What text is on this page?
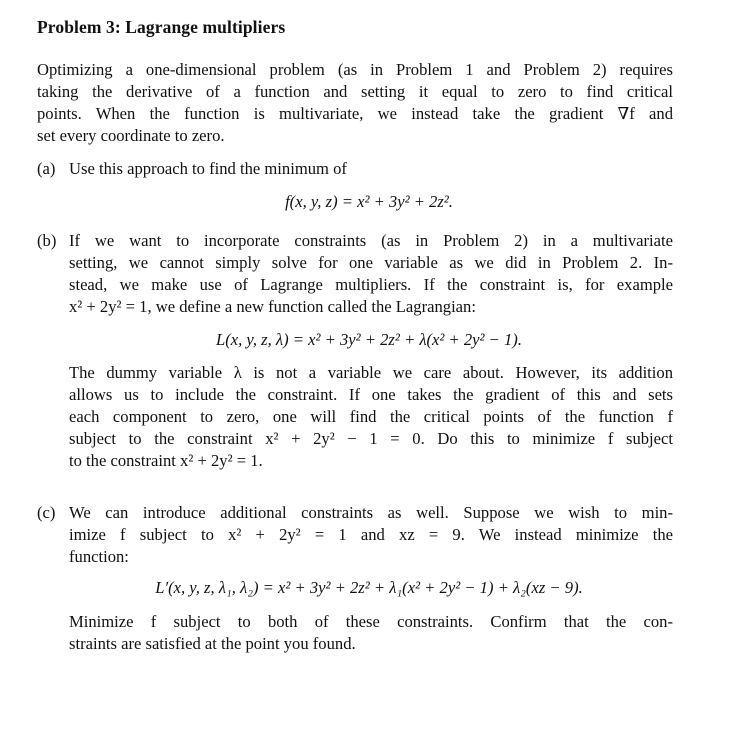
Problem 3: Lagrange multipliers
Optimizing a one-dimensional problem (as in Problem 1 and Problem 2) requires
taking the derivative of a function and setting it equal to zero to find critical
points. When the function is multivariate, we instead take the gradient ∇f and
set every coordinate to zero.
(a) Use this approach to find the minimum of
f(x, y, z) = x² + 3y² + 2z².
(b) If we want to incorporate constraints (as in Problem 2) in a multivariate
setting, we cannot simply solve for one variable as we did in Problem 2. In-
stead, we make use of Lagrange multipliers. If the constraint is, for example
x² + 2y² = 1, we define a new function called the Lagrangian:
L(x, y, z, λ) = x² + 3y² + 2z² + λ(x² + 2y² − 1).
The dummy variable λ is not a variable we care about. However, its addition
allows us to include the constraint. If one takes the gradient of this and sets
each component to zero, one will find the critical points of the function f
subject to the constraint x² + 2y² − 1 = 0. Do this to minimize f subject
to the constraint x² + 2y² = 1.
(c) We can introduce additional constraints as well. Suppose we wish to min-
imize f subject to x² + 2y² = 1 and xz = 9. We instead minimize the
function:
L′(x, y, z, λ₁, λ₂) = x² + 3y² + 2z² + λ₁(x² + 2y² − 1) + λ₂(xz − 9).
Minimize f subject to both of these constraints. Confirm that the con-
straints are satisfied at the point you found.
